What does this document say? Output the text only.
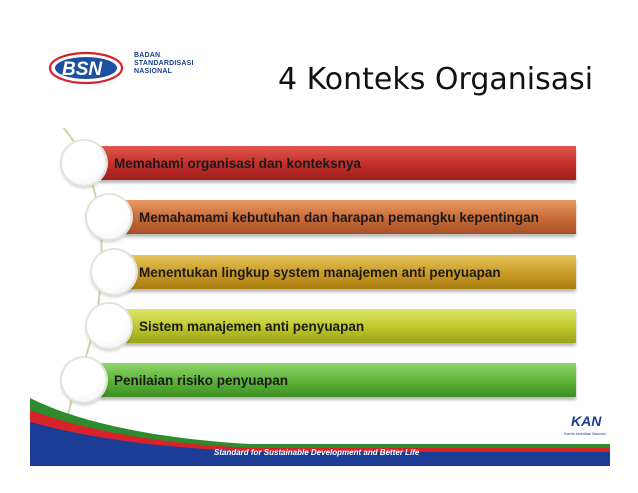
BSN
BADAN
STANDARDISASI
NASIONAL	4 Konteks Organisasi
Memahami organisasi dan konteksnya
Memahamami kebutuhan dan harapan pemangku kepentingan
Menentukan lingkup system manajemen anti penyuapan
Sistem manajemen anti penyuapan
Penilaian risiko penyuapan
Standard for Sustainable Development and Better Life
KAN
Komite Akreditasi Nasional
